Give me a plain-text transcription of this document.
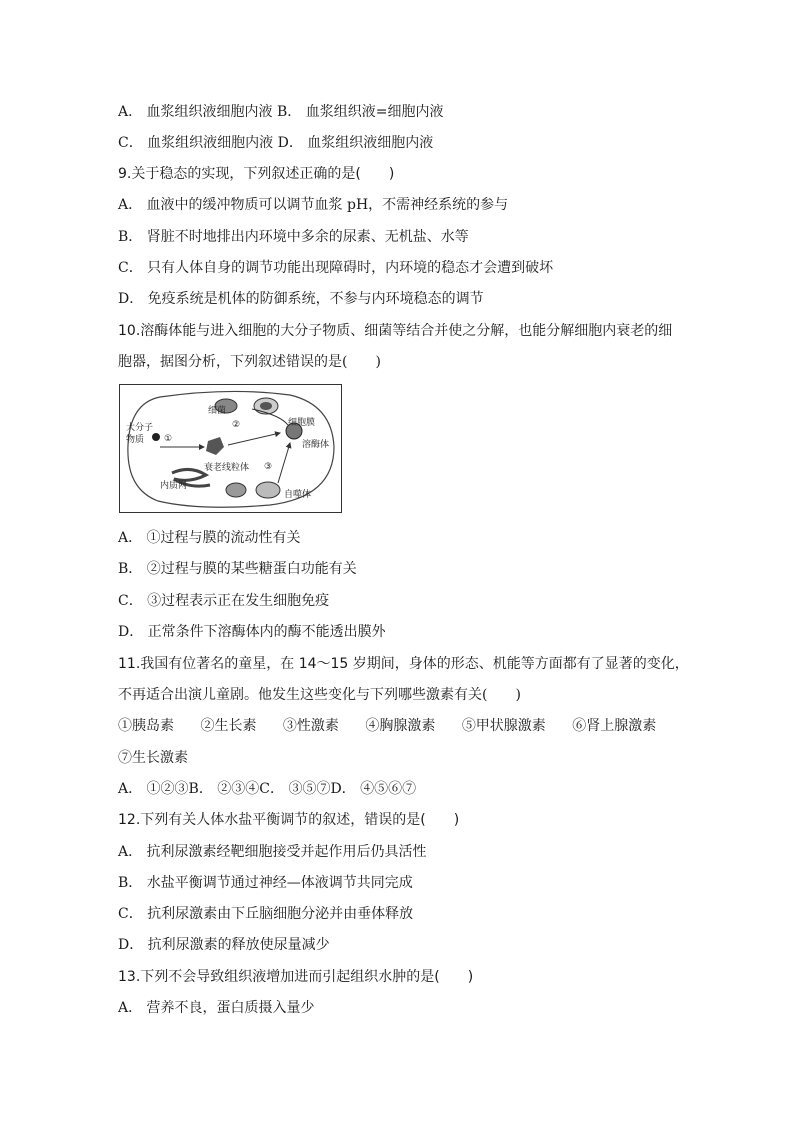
A． 血浆组织液细胞内液 B． 血浆组织液=细胞内液
C． 血浆组织液细胞内液 D． 血浆组织液细胞内液
9.关于稳态的实现，下列叙述正确的是(　　)
A． 血液中的缓冲物质可以调节血浆 pH，不需神经系统的参与
B． 肾脏不时地排出内环境中多余的尿素、无机盐、水等
C． 只有人体自身的调节功能出现障碍时，内环境的稳态才会遭到破坏
D． 免疫系统是机体的防御系统，不参与内环境稳态的调节
10.溶酶体能与进入细胞的大分子物质、细菌等结合并使之分解，也能分解细胞内衰老的细
胞器，据图分析，下列叙述错误的是(　　)
细菌
大分子
物质 ①
②
③
细胞膜
溶酶体
衰老线粒体
内质网
自噬体
A． ①过程与膜的流动性有关
B． ②过程与膜的某些糖蛋白功能有关
C． ③过程表示正在发生细胞免疫
D． 正常条件下溶酶体内的酶不能透出膜外
11.我国有位著名的童星，在 14～15 岁期间，身体的形态、机能等方面都有了显著的变化，
不再适合出演儿童剧。他发生这些变化与下列哪些激素有关(　　)
①胰岛素 ②生长素 ③性激素 ④胸腺激素 ⑤甲状腺激素 ⑥肾上腺激素
⑦生长激素
A． ①②③B． ②③④C． ③⑤⑦D． ④⑤⑥⑦
12.下列有关人体水盐平衡调节的叙述，错误的是(　　)
A． 抗利尿激素经靶细胞接受并起作用后仍具活性
B． 水盐平衡调节通过神经—体液调节共同完成
C． 抗利尿激素由下丘脑细胞分泌并由垂体释放
D． 抗利尿激素的释放使尿量减少
13.下列不会导致组织液增加进而引起组织水肿的是(　　)
A． 营养不良，蛋白质摄入量少
